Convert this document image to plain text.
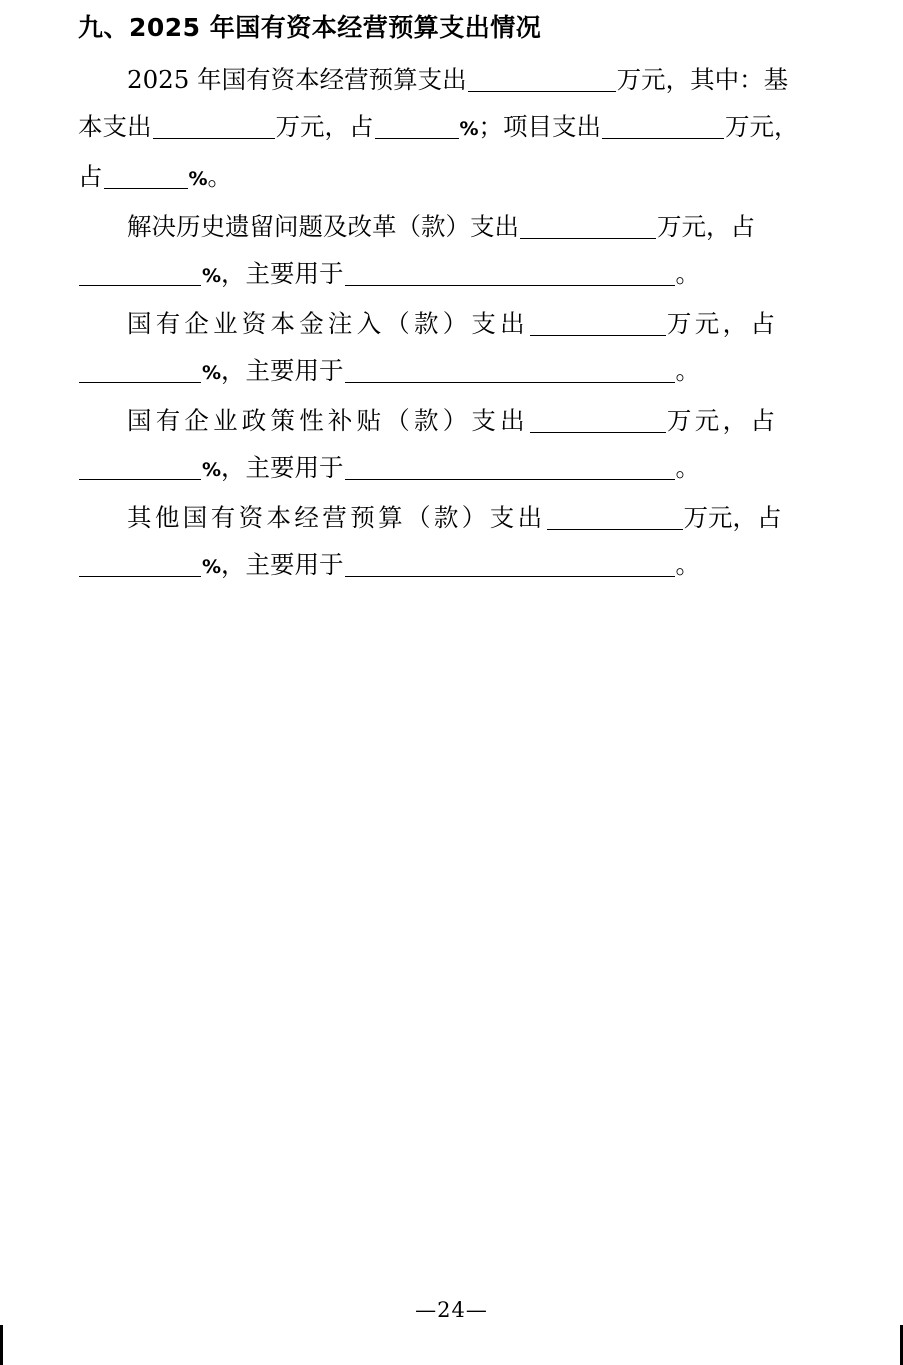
九、2025 年国有资本经营预算支出情况

2025 年国有资本经营预算支出	万元，其中：基
本支出	万元，占	%；项目支出	万元，
占	%。

解决历史遗留问题及改革（款）支出	万元，占
%，主要用于	。

国有企业资本金注入（款）支出	万元，占
%，主要用于	。

国有企业政策性补贴（款）支出	万元，占
%，主要用于	。

其他国有资本经营预算（款）支出	万元，占
%，主要用于	。

—24—
